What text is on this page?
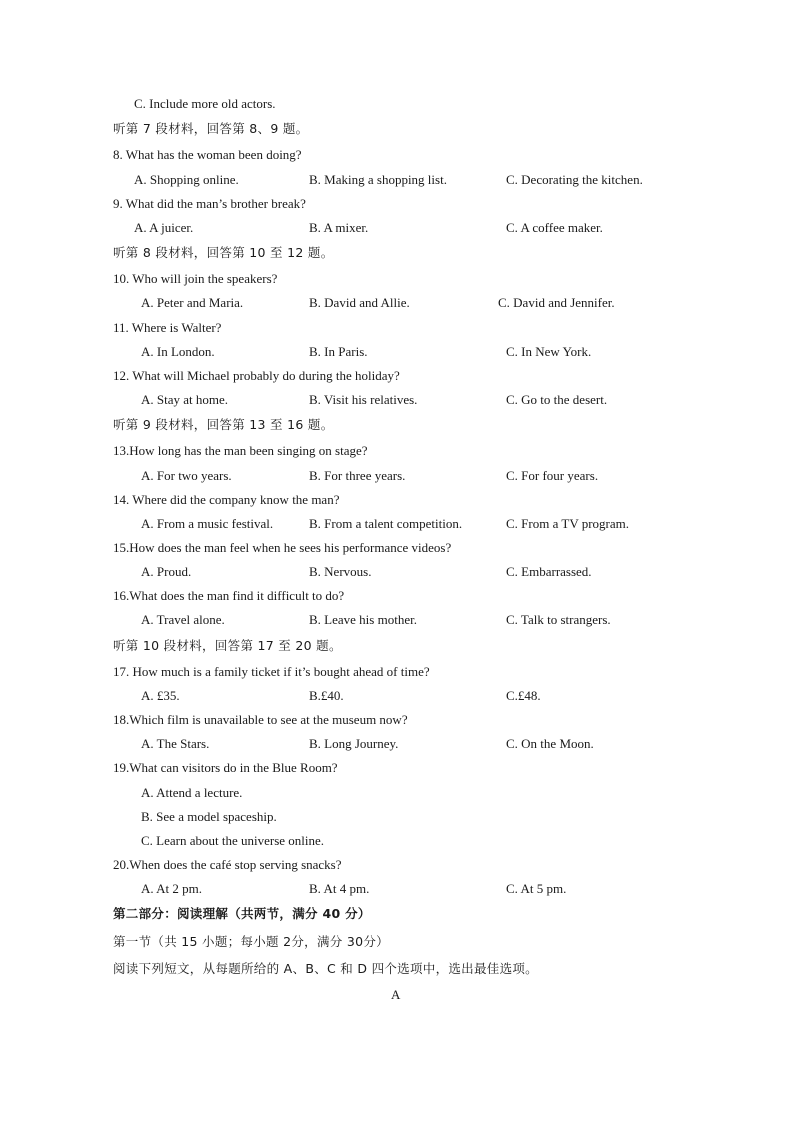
C. Include more old actors.
听第 7 段材料，回答第 8、9 题。
8. What has the woman been doing?
A. Shopping online.	B. Making a shopping list.	C. Decorating the kitchen.
9. What did the man’s brother break?
A. A juicer.	B. A mixer.	C. A coffee maker.
听第 8 段材料，回答第 10 至 12 题。
10. Who will join the speakers?
A. Peter and Maria.	B. David and Allie.	C. David and Jennifer.
11. Where is Walter?
A. In London.	B. In Paris.	C. In New York.
12. What will Michael probably do during the holiday?
A. Stay at home.	B. Visit his relatives.	C. Go to the desert.
听第 9 段材料，回答第 13 至 16 题。
13.How long has the man been singing on stage?
A. For two years.	B. For three years.	C. For four years.
14. Where did the company know the man?
A. From a music festival.	B. From a talent competition.	C. From a TV program.
15.How does the man feel when he sees his performance videos?
A. Proud.	B. Nervous.	C. Embarrassed.
16.What does the man find it difficult to do?
A. Travel alone.	B. Leave his mother.	C. Talk to strangers.
听第 10 段材料，回答第 17 至 20 题。
17. How much is a family ticket if it’s bought ahead of time?
A. £35.	B.£40.	C.£48.
18.Which film is unavailable to see at the museum now?
A. The Stars.	B. Long Journey.	C. On the Moon.
19.What can visitors do in the Blue Room?
A. Attend a lecture.
B. See a model spaceship.
C. Learn about the universe online.
20.When does the café stop serving snacks?
A. At 2 pm.	B. At 4 pm.	C. At 5 pm.
第二部分：阅读理解（共两节，满分 40 分）
第一节（共 15 小题；每小题 2分，满分 30分）
阅读下列短文，从每题所给的 A、B、C 和 D 四个选项中，选出最佳选项。
A
